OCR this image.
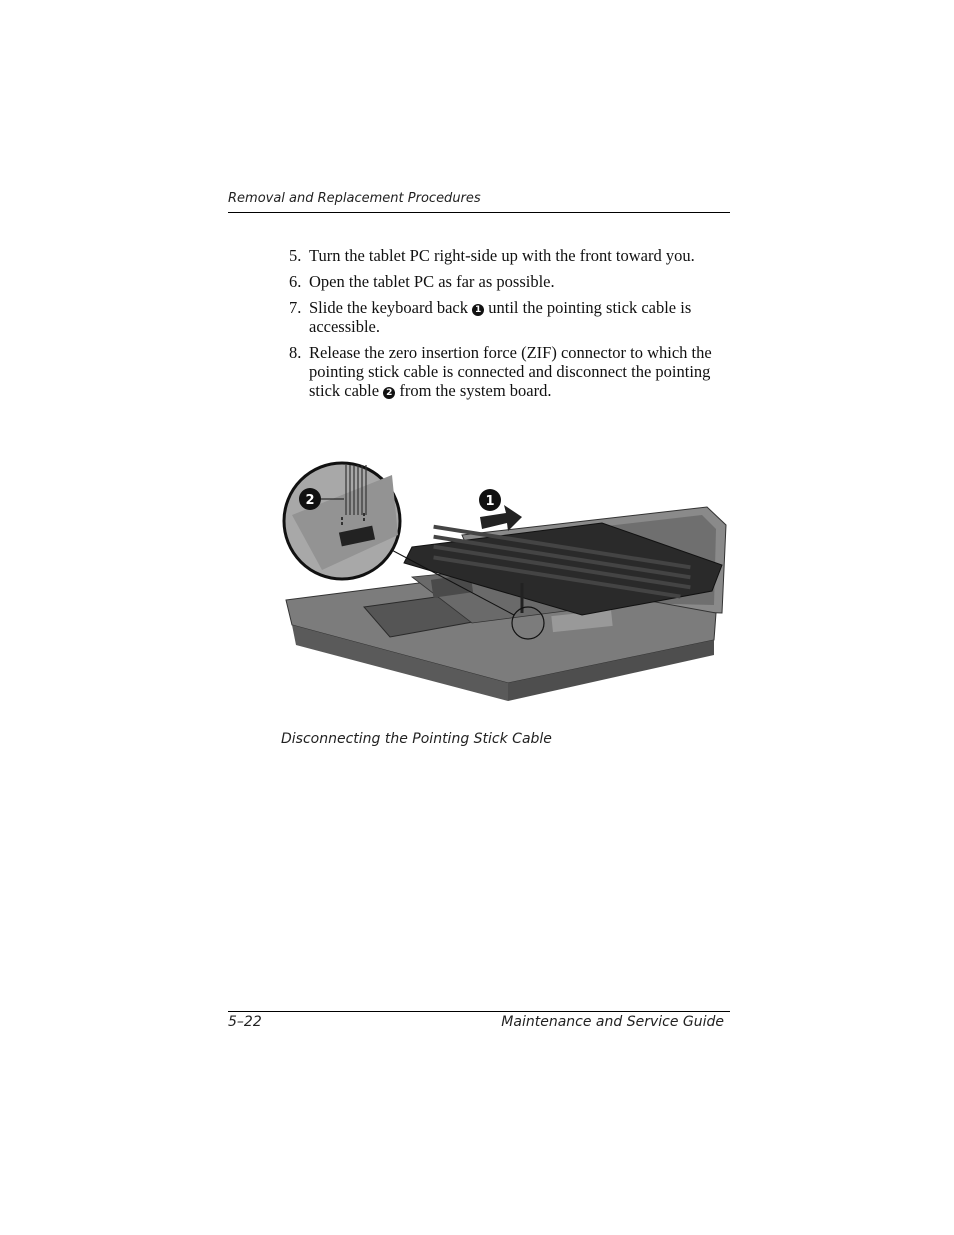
Removal and Replacement Procedures
5. Turn the tablet PC right-side up with the front toward you.
6. Open the tablet PC as far as possible.
7. Slide the keyboard back 1 until the pointing stick cable is accessible.
8. Release the zero insertion force (ZIF) connector to which the pointing stick cable is connected and disconnect the pointing stick cable 2 from the system board.
2	1
Disconnecting the Pointing Stick Cable
5–22	Maintenance and Service Guide
